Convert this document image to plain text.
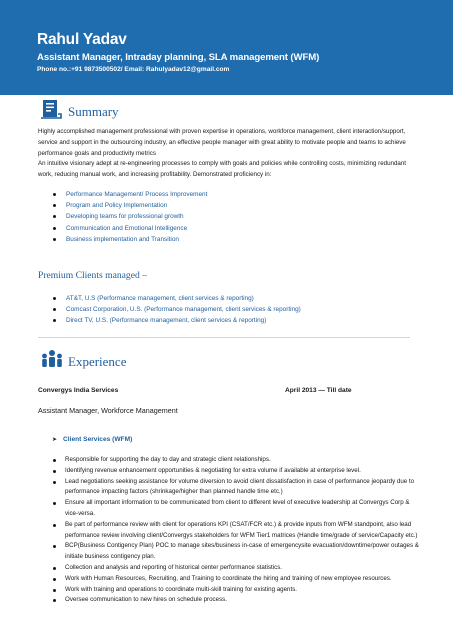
Rahul Yadav
Assistant Manager, Intraday planning, SLA management (WFM)
Phone no.:+91 9873500502/ Email: Rahulyadav12@gmail.com
Summary

Highly accomplished management professional with proven expertise in operations, workforce management, client interaction/support, service and support in the outsourcing industry, an effective people manager with great ability to motivate people and teams to achieve performance goals and productivity metrics

An intuitive visionary adept at re-engineering processes to comply with goals and policies while controlling costs, minimizing redundant work, reducing manual work, and increasing profitability. Demonstrated proficiency in:

Performance Management/ Process Improvement
Program and Policy Implementation
Developing teams for professional growth
Communication and Emotional Intelligence
Business implementation and Transition
Premium Clients managed –
AT&T, U.S (Performance management, client services & reporting)
Comcast Corporation, U.S. (Performance management, client services & reporting)
Direct TV, U.S. (Performance management, client services & reporting)
Experience
Convergys India Services	April 2013 — Till date
Assistant Manager, Workforce Management
➤ Client Services (WFM)
Responsible for supporting the day to day and strategic client relationships.
Identifying revenue enhancement opportunities & negotiating for extra volume if available at enterprise level.
Lead negotiations seeking assistance for volume diversion to avoid client dissatisfaction in case of performance jeopardy due to performance impacting factors (shrinkage/higher than planned handle time etc.)
Ensure all important information to be communicated from client to different level of executive leadership at Convergys Corp & vice-versa.
Be part of performance review with client for operations KPI (CSAT/FCR etc.) & provide inputs from WFM standpoint, also lead performance review involving client/Convergys stakeholders for WFM Tier1 matrices (Handle time/grade of service/Capacity etc.)
BCP(Business Contigency Plan) POC to manage sites/business in-case of emergencysite evacuation/downtime/power outages & initiate business contigency plan.
Collection and analysis and reporting of historical center performance statistics.
Work with Human Resources, Recruiting, and Training to coordinate the hiring and training of new employee resources.
Work with training and operations to coordinate multi-skill training for existing agents.
Oversee communication to new hires on schedule process.
